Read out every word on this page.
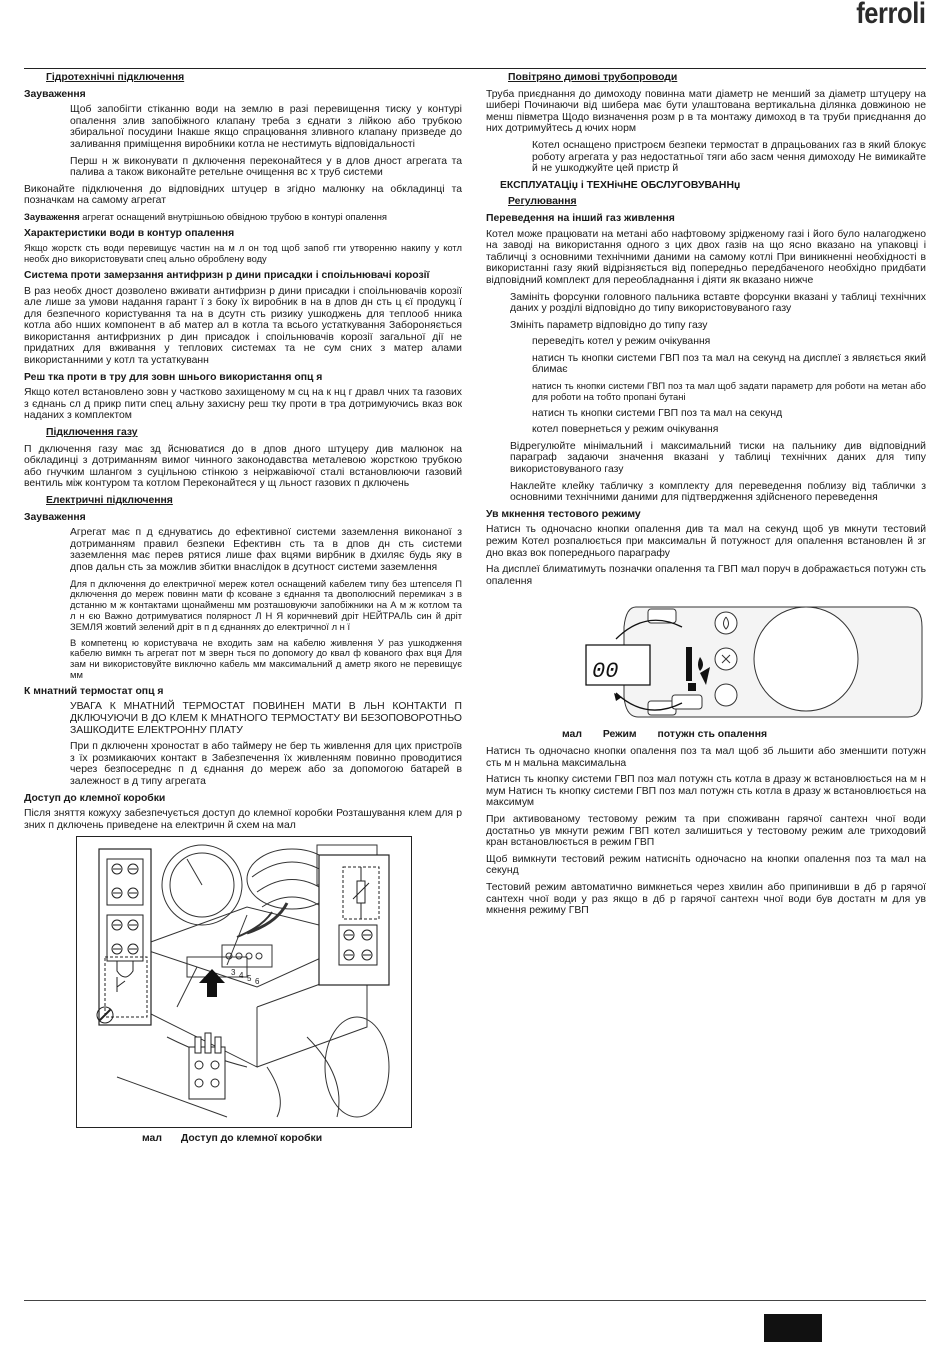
ferroli
Гідротехнічні підключення
Зауваження

Щоб запобігти стіканню води на землю в разі перевищення тиску у контурі опалення злив запобіжного клапану треба з єднати з лійкою або трубкою збиральної посудини Інакше якщо спрацювання зливного клапану призведе до заливання приміщення виробники котла не нестимуть відповідальності

Перш н ж виконувати п дключення переконайтеся у в длов дност агрегата та палива а також виконайте ретельне очищення вс х труб системи

Виконайте підключення до відповідних штуцер в згідно малюнку на обкладинці та позначкам на самому агрегат

Зауваження агрегат оснащений внутрішньою обвідною трубою в контурі опалення

Характеристики води в контур опалення

Якщо жорстк сть води перевищує частин на м л он тод щоб запоб гти утворенню накипу у котл необх дно використовувати спец ально оброблену воду

Система проти замерзання антифризн р дини присадки і споільнювачі корозії

В раз необх дност дозволено вживати антифризн р дини присадки і споільнювачів корозії але лише за умови надання гарант ї з боку їх виробник в на в дпов дн сть ц єї продукц ї для безпечного користування та на в дсутн сть ризику ушкоджень для теплооб нника котла або нших компонент в аб матер ал в котла та всього устаткування Забороняється використання антифризних р дин присадок і споільнювачів корозії загальної дії не придатних для вживання у теплових системах та не сум сних з матер алами використанними у котл та устаткуванн

Реш тка проти в тру для зовн шнього використання опц я

Якщо котел встановлено зовн у частково захищеному м сц на к нц г дравл чних та газових з єднань сл д прикр пити спец альну захисну реш тку проти в тра дотримуючись вказ вок наданих з комплектом

Підключення газу

П дключення газу має зд йснюватися до в дпов дного штуцеру див малюнок на обкладинці з дотриманням вимог чинного законодавства металевою жорсткою трубкою або гнучким шлангом з суцільною стінкою з неіржавіючої сталі встановлюючи газовий вентиль між контуром та котлом Переконайтеся у щ льност газових п дключень

Електричні підключення
Зауваження

Агрегат має п д єднуватись до ефективної системи заземлення виконаної з дотриманням правил безпеки Ефективн сть та в дпов дн сть системи заземлення має перев рятися лише фах вцями вирбник в дхиляє будь яку в дпов дальн сть за можлив збитки внаслiдок в дсутност системи заземлення

Для п дключення до електричної мереж котел оснащений кабелем типу без штепселя П дключення до мереж повинн мати ф ксоване з єднання та двополюсний перемикач з в дстанню м ж контактами щонайменш мм розташовуючи запобіжники на А м ж котлом та л н єю Важно дотримуватися полярност Л Н Я коричневий дріт НЕЙТРАЛЬ син й дріт ЗЕМЛЯ жовтий зелений дріт в п д єднаннях до електричної л н ї

В компетенц ю користувача не входить зам на кабелю живлення У раз ушкодження кабелю вимкн ть агрегат пот м зверн ться по допомогу до квал ф кованого фах вця Для зам ни використовуйте виключно кабель мм максимальний д аметр якого не перевищує мм

К мнатний термостат опц я

УВАГА К МНАТНИЙ ТЕРМОСТАТ ПОВИНЕН МАТИ В ЛЬН КОНТАКТИ П ДКЛЮЧУЮЧИ В ДО КЛЕМ К МНАТНОГО ТЕРМОСТАТУ ВИ БЕЗОПОВОРОТНЬО ЗАШКОДИТЕ ЕЛЕКТРОННУ ПЛАТУ

При п дключенн хроностат в або таймеру не бер ть живлення для цих пристроїв з їх розмикаючих контакт в Забезпечення їх живленням повинно проводитися через безпосереднє п д єднання до мереж або за допомогою батарей в залежност в д типу агрегата

Доступ до клемної коробки

Після зняття кожуху забезпечується доступ до клемної коробки Розташування клем для р зних п дключень приведене на електричн й схем на мал

3 4 5 6
мал Доступ до клемної коробки
Повітряно димові трубопроводи

Труба приєднання до димоходу повинна мати діаметр не менший за діаметр штуцеру на шибері Починаючи від шибера має бути улаштована вертикальна ділянка довжиною не менш півметра Щодо визначення розм р в та монтажу димоход в та труби приєднання до них дотримуйтесь д ючих норм

Котел оснащено пристроєм безпеки термостат в дпрацьованих газ в який блокує роботу агрегата у раз недостатньої тяги або засм чення димоходу Не вимикайте й не ушкоджуйте цей пристр й

ЕКСПЛУАТАЦіџ і ТЕХНічНЕ ОБСЛУГОВУВАННџ
Регулювання
Переведення на інший газ живлення

Котел може працювати на метані або нафтовому зрідженому газі і його було налагоджено на заводі на використання одного з цих двох газів на що ясно вказано на упаковці і табличці з основними технічними даними на самому котлі При виникненні необхідності в використанні газу який відрізняється від попередньо передбаченого необхідно придбати відповідний комплект для переобладнання і діяти як вказано нижче

Замініть форсунки головного пальника вставте форсунки вказані у таблиці технічних даних у розділі відповідно до типу використовуваного газу

Змініть параметр відповідно до типу газу

переведіть котел у режим очікування

натисн ть кнопки системи ГВП поз та мал на секунд на дисплеї з являється який блимає

натисн ть кнопки системи ГВП поз та мал щоб задати параметр для роботи на метан або для роботи на тобто пропані бутані

натисн ть кнопки системи ГВП поз та мал на секунд

котел повернеться у режим очікування

Відрегулюйте мінімальний і максимальний тиски на пальнику див відповідний параграф задаючи значення вказані у таблиці технічних даних для типу використовуваного газу

Наклейте клейку табличку з комплекту для переведення поблизу від таблички з основними технічними даними для підтвердження здійсненого переведення

Ув мкнення тестового режиму

Натисн ть одночасно кнопки опалення див та мал на секунд щоб ув мкнути тестовий режим Котел розпалюється при максимальн й потужност для опалення встановлен й зг дно вказ вок попереднього параграфу

На дисплеї блиматимуть позначки опалення та ГВП мал поруч в дображається потужн сть опалення

00
мал Режим потужн сть опалення

Натисн ть одночасно кнопки опалення поз та мал щоб зб льшити або зменшити потужн сть м н мальна максимальна

Натисн ть кнопку системи ГВП поз мал потужн сть котла в дразу ж встановлюється на м н мум Натисн ть кнопку системи ГВП поз мал потужн сть котла в дразу ж встановлюється на максимум

При активованому тестовому режим та при споживанн гарячої сантехн чної води достатньо ув мкнути режим ГВП котел залишиться у тестовому режим але триходовий кран встановлюється в режим ГВП

Щоб вимкнути тестовий режим натисніть одночасно на кнопки опалення поз та мал на секунд

Тестовий режим автоматично вимкнеться через хвилин або припинивши в дб р гарячої сантехн чної води у раз якщо в дб р гарячої сантехн чної води був достатн м для ув мкнення режиму ГВП
